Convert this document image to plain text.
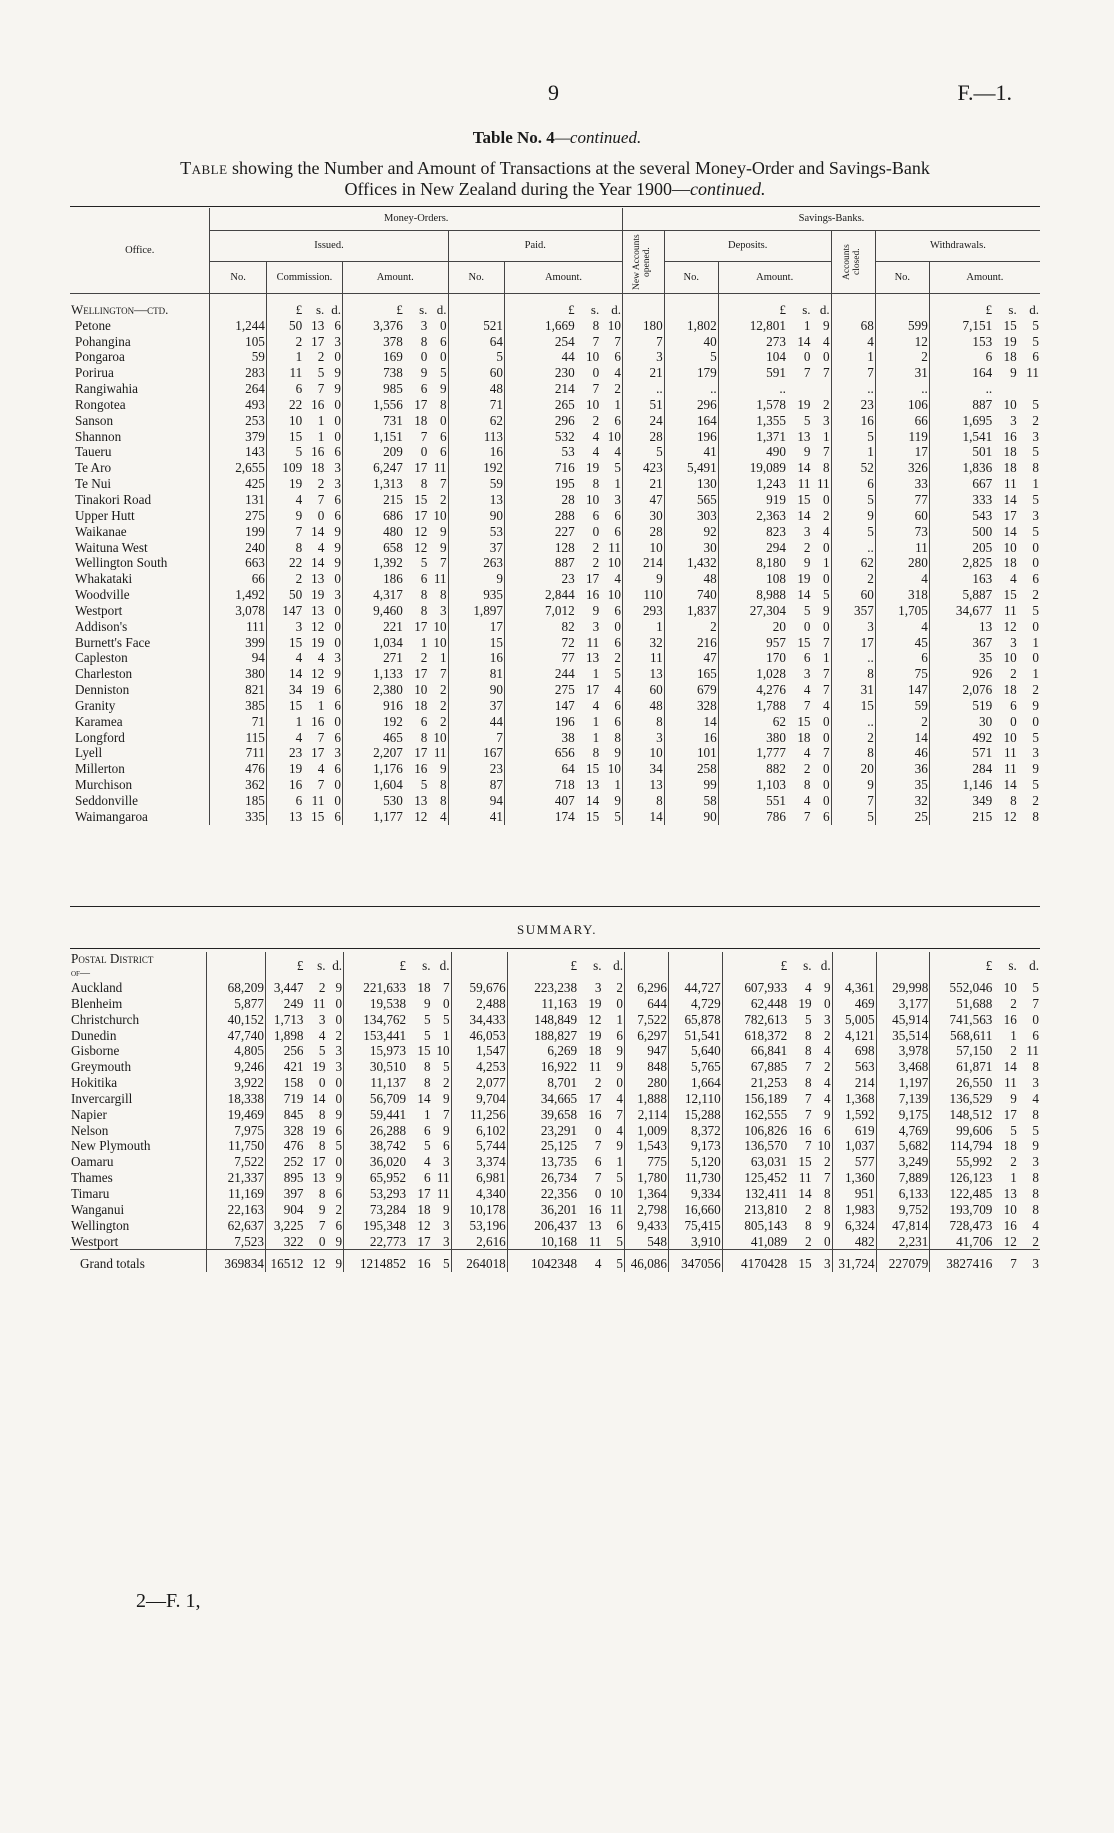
9	F.—1.
Table No. 4—continued.
Table showing the Number and Amount of Transactions at the several Money-Order and Savings-Bank
Offices in New Zealand during the Year 1900—continued.
Office.	Money-Orders.											Savings-Banks.									
	Issued.							Paid.				New Accounts opened.	Deposits.				Accounts closed.	Withdrawals.			
	No.	Commission.			Amount.			No.	Amount.				No.	Amount.				No.	Amount.		
Wellington—ctd.		£	s.	d.	£	s.	d.		£	s.	d.			£	s.	d.			£	s.	d.
Petone	1,244	50	13	6	3,376	3	0	521	1,669	8	10	180	1,802	12,801	1	9	68	599	7,151	15	5
Pohangina	105	2	17	3	378	8	6	64	254	7	7	7	40	273	14	4	4	12	153	19	5
Pongaroa	59	1	2	0	169	0	0	5	44	10	6	3	5	104	0	0	1	2	6	18	6
Porirua	283	11	5	9	738	9	5	60	230	0	4	21	179	591	7	7	7	31	164	9	11
Rangiwahia	264	6	7	9	985	6	9	48	214	7	2	..	..	..			..	..	..		
Rongotea	493	22	16	0	1,556	17	8	71	265	10	1	51	296	1,578	19	2	23	106	887	10	5
Sanson	253	10	1	0	731	18	0	62	296	2	6	24	164	1,355	5	3	16	66	1,695	3	2
Shannon	379	15	1	0	1,151	7	6	113	532	4	10	28	196	1,371	13	1	5	119	1,541	16	3
Taueru	143	5	16	6	209	0	6	16	53	4	4	5	41	490	9	7	1	17	501	18	5
Te Aro	2,655	109	18	3	6,247	17	11	192	716	19	5	423	5,491	19,089	14	8	52	326	1,836	18	8
Te Nui	425	19	2	3	1,313	8	7	59	195	8	1	21	130	1,243	11	11	6	33	667	11	1
Tinakori Road	131	4	7	6	215	15	2	13	28	10	3	47	565	919	15	0	5	77	333	14	5
Upper Hutt	275	9	0	6	686	17	10	90	288	6	6	30	303	2,363	14	2	9	60	543	17	3
Waikanae	199	7	14	9	480	12	9	53	227	0	6	28	92	823	3	4	5	73	500	14	5
Waituna West	240	8	4	9	658	12	9	37	128	2	11	10	30	294	2	0	..	11	205	10	0
Wellington South	663	22	14	9	1,392	5	7	263	887	2	10	214	1,432	8,180	9	1	62	280	2,825	18	0
Whakataki	66	2	13	0	186	6	11	9	23	17	4	9	48	108	19	0	2	4	163	4	6
Woodville	1,492	50	19	3	4,317	8	8	935	2,844	16	10	110	740	8,988	14	5	60	318	5,887	15	2
Westport	3,078	147	13	0	9,460	8	3	1,897	7,012	9	6	293	1,837	27,304	5	9	357	1,705	34,677	11	5
Addison's	111	3	12	0	221	17	10	17	82	3	0	1	2	20	0	0	3	4	13	12	0
Burnett's Face	399	15	19	0	1,034	1	10	15	72	11	6	32	216	957	15	7	17	45	367	3	1
Capleston	94	4	4	3	271	2	1	16	77	13	2	11	47	170	6	1	..	6	35	10	0
Charleston	380	14	12	9	1,133	17	7	81	244	1	5	13	165	1,028	3	7	8	75	926	2	1
Denniston	821	34	19	6	2,380	10	2	90	275	17	4	60	679	4,276	4	7	31	147	2,076	18	2
Granity	385	15	1	6	916	18	2	37	147	4	6	48	328	1,788	7	4	15	59	519	6	9
Karamea	71	1	16	0	192	6	2	44	196	1	6	8	14	62	15	0	..	2	30	0	0
Longford	115	4	7	6	465	8	10	7	38	1	8	3	16	380	18	0	2	14	492	10	5
Lyell	711	23	17	3	2,207	17	11	167	656	8	9	10	101	1,777	4	7	8	46	571	11	3
Millerton	476	19	4	6	1,176	16	9	23	64	15	10	34	258	882	2	0	20	36	284	11	9
Murchison	362	16	7	0	1,604	5	8	87	718	13	1	13	99	1,103	8	0	9	35	1,146	14	5
Seddonville	185	6	11	0	530	13	8	94	407	14	9	8	58	551	4	0	7	32	349	8	2
Waimangaroa	335	13	15	6	1,177	12	4	41	174	15	5	14	90	786	7	6	5	25	215	12	8
SUMMARY.
Postal District
of—		£	s.	d.	£	s.	d.		£	s.	d.			£	s.	d.			£	s.	d.
Auckland	68,209	3,447	2	9	221,633	18	7	59,676	223,238	3	2	6,296	44,727	607,933	4	9	4,361	29,998	552,046	10	5
Blenheim	5,877	249	11	0	19,538	9	0	2,488	11,163	19	0	644	4,729	62,448	19	0	469	3,177	51,688	2	7
Christchurch	40,152	1,713	3	0	134,762	5	5	34,433	148,849	12	1	7,522	65,878	782,613	5	3	5,005	45,914	741,563	16	0
Dunedin	47,740	1,898	4	2	153,441	5	1	46,053	188,827	19	6	6,297	51,541	618,372	8	2	4,121	35,514	568,611	1	6
Gisborne	4,805	256	5	3	15,973	15	10	1,547	6,269	18	9	947	5,640	66,841	8	4	698	3,978	57,150	2	11
Greymouth	9,246	421	19	3	30,510	8	5	4,253	16,922	11	9	848	5,765	67,885	7	2	563	3,468	61,871	14	8
Hokitika	3,922	158	0	0	11,137	8	2	2,077	8,701	2	0	280	1,664	21,253	8	4	214	1,197	26,550	11	3
Invercargill	18,338	719	14	0	56,709	14	9	9,704	34,665	17	4	1,888	12,110	156,189	7	4	1,368	7,139	136,529	9	4
Napier	19,469	845	8	9	59,441	1	7	11,256	39,658	16	7	2,114	15,288	162,555	7	9	1,592	9,175	148,512	17	8
Nelson	7,975	328	19	6	26,288	6	9	6,102	23,291	0	4	1,009	8,372	106,826	16	6	619	4,769	99,606	5	5
New Plymouth	11,750	476	8	5	38,742	5	6	5,744	25,125	7	9	1,543	9,173	136,570	7	10	1,037	5,682	114,794	18	9
Oamaru	7,522	252	17	0	36,020	4	3	3,374	13,735	6	1	775	5,120	63,031	15	2	577	3,249	55,992	2	3
Thames	21,337	895	13	9	65,952	6	11	6,981	26,734	7	5	1,780	11,730	125,452	11	7	1,360	7,889	126,123	1	8
Timaru	11,169	397	8	6	53,293	17	11	4,340	22,356	0	10	1,364	9,334	132,411	14	8	951	6,133	122,485	13	8
Wanganui	22,163	904	9	2	73,284	18	9	10,178	36,201	16	11	2,798	16,660	213,810	2	8	1,983	9,752	193,709	10	8
Wellington	62,637	3,225	7	6	195,348	12	3	53,196	206,437	13	6	9,433	75,415	805,143	8	9	6,324	47,814	728,473	16	4
Westport	7,523	322	0	9	22,773	17	3	2,616	10,168	11	5	548	3,910	41,089	2	0	482	2,231	41,706	12	2
Grand totals	369834	16512	12	9	1214852	16	5	264018	1042348	4	5	46,086	347056	4170428	15	3	31,724	227079	3827416	7	3
2—F. 1,
